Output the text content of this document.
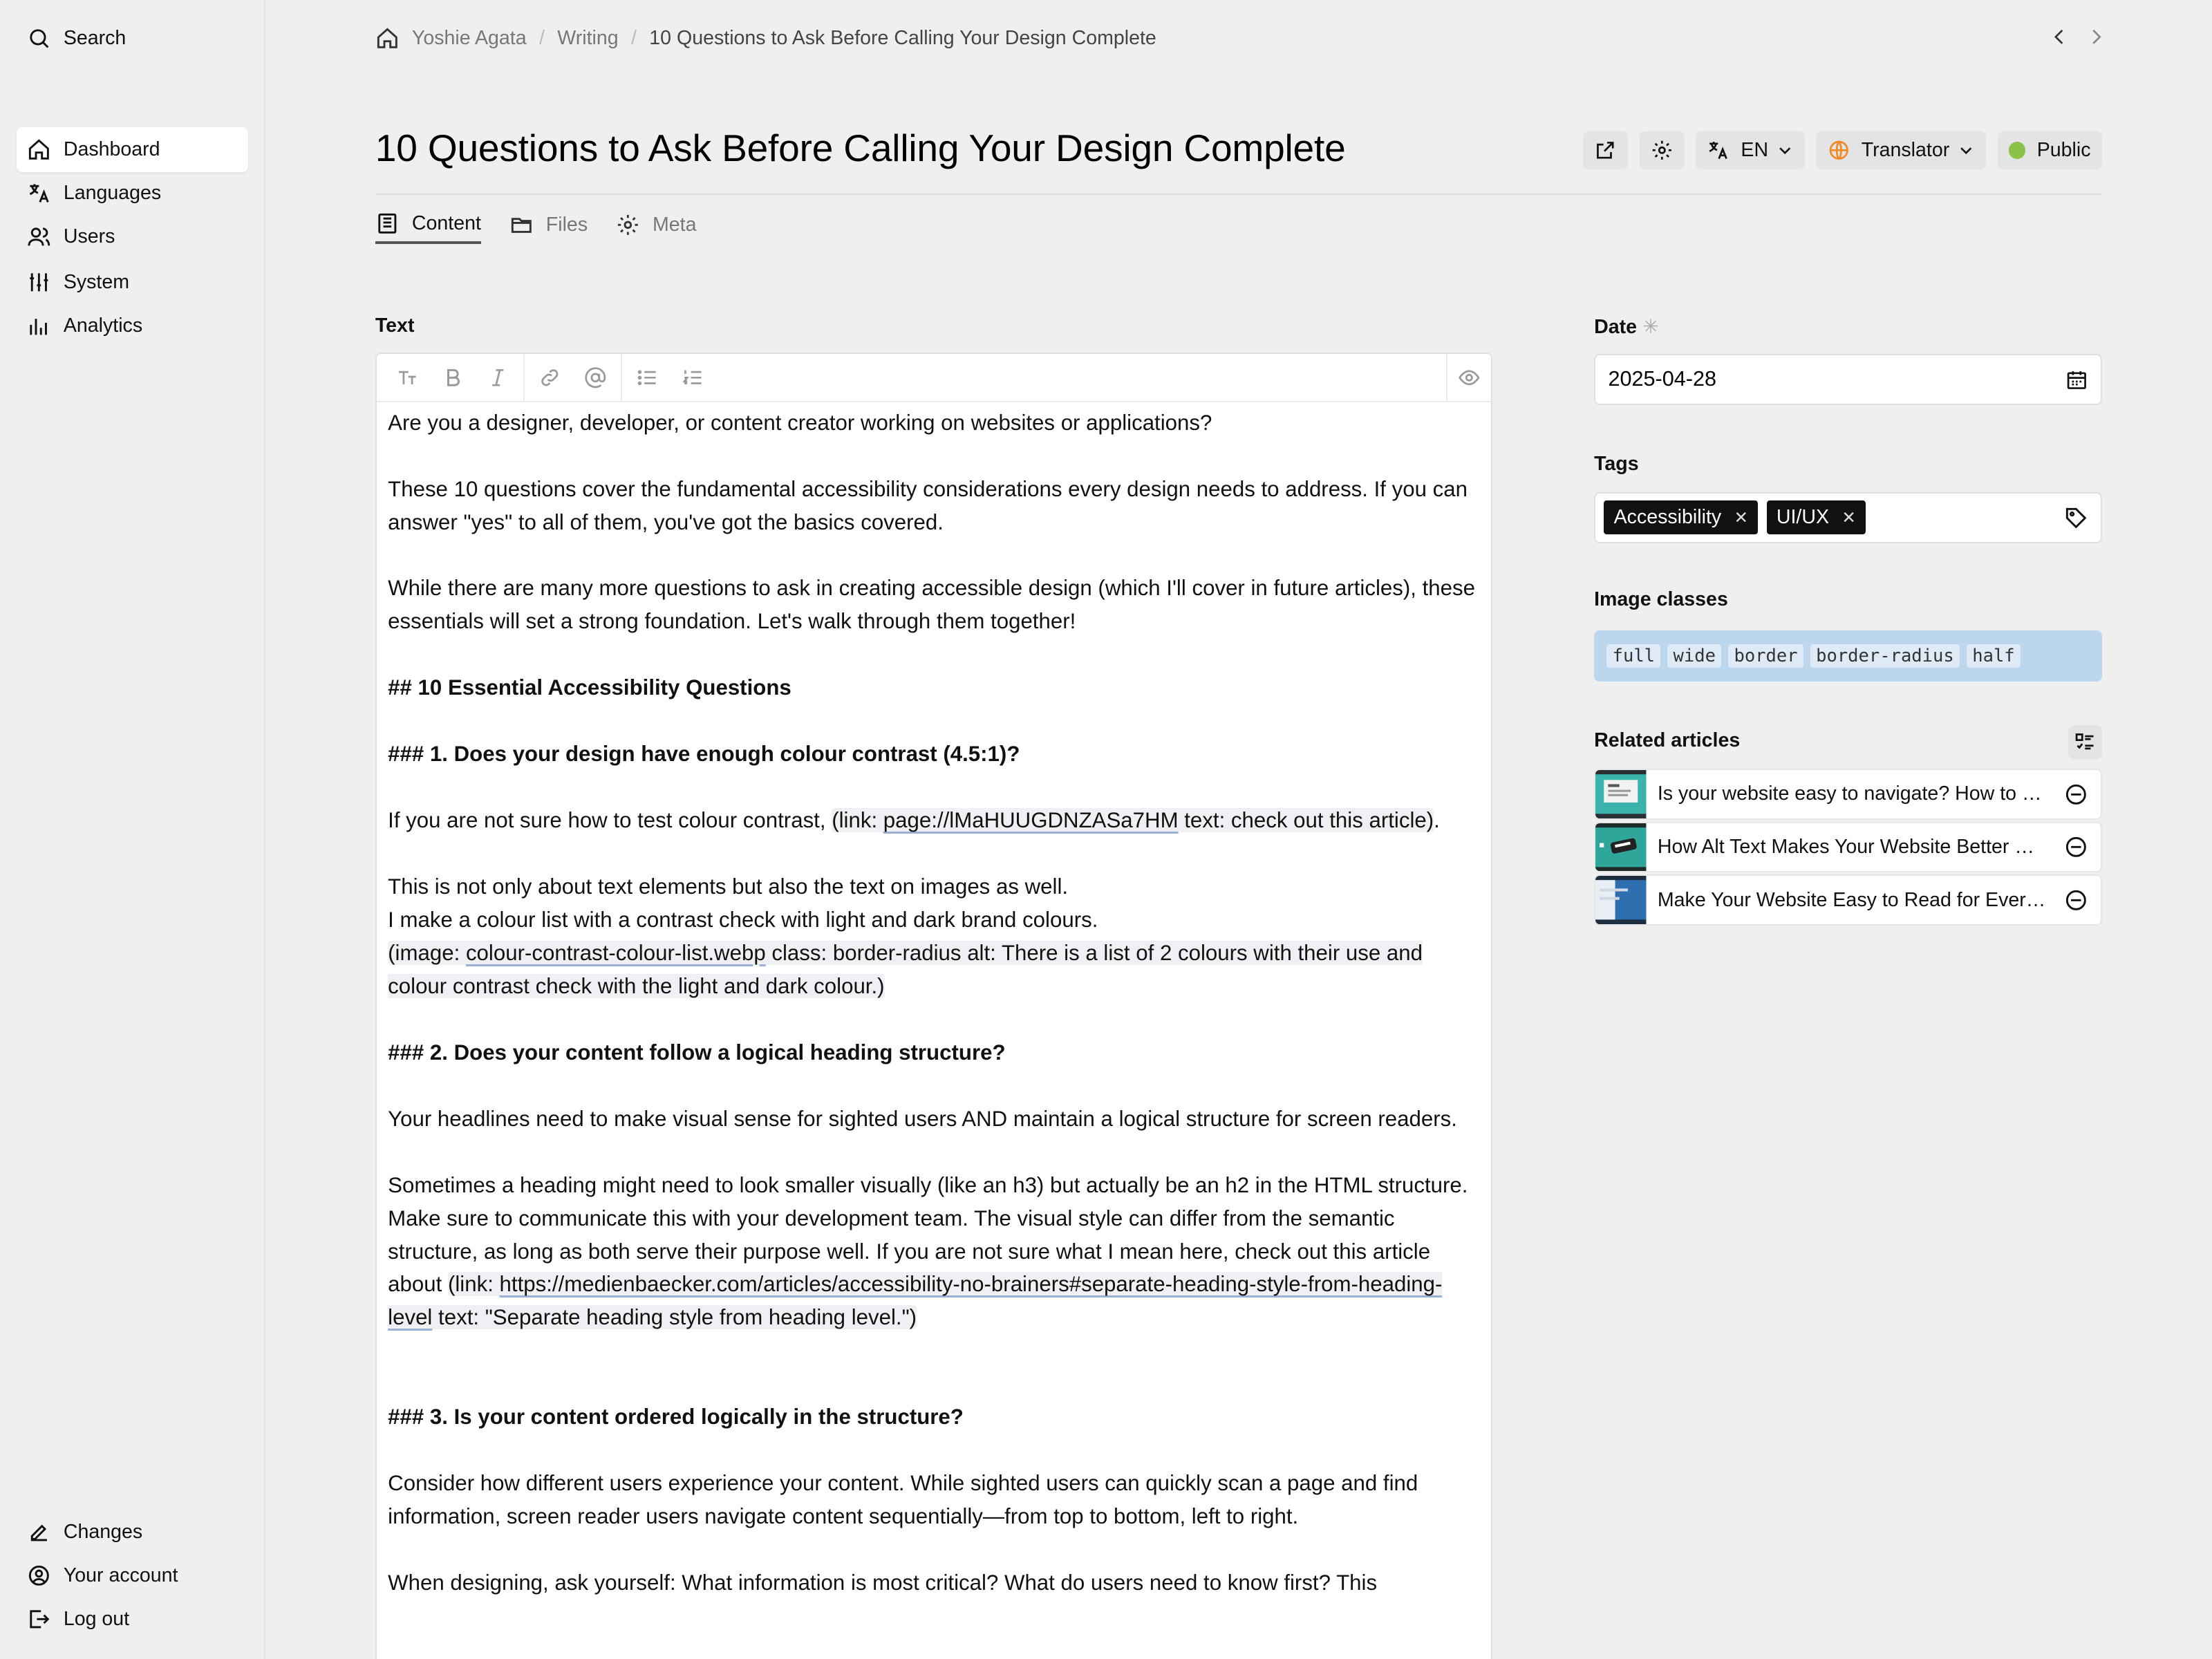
Search
Dashboard
Languages
Users
System
Analytics
Changes
Your account
Log out
Yoshie Agata / Writing / 10 Questions to Ask Before Calling Your Design Complete
10 Questions to Ask Before Calling Your Design Complete	EN	Translator	Public
Content	Files	Meta
Text

Are you a designer, developer, or content creator working on websites or applications?

These 10 questions cover the fundamental accessibility considerations every design needs to address. If you can answer "yes" to all of them, you've got the basics covered.

While there are many more questions to ask in creating accessible design (which I'll cover in future articles), these essentials will set a strong foundation. Let's walk through them together!

## 10 Essential Accessibility Questions

### 1. Does your design have enough colour contrast (4.5:1)?

If you are not sure how to test colour contrast, (link: page://lMaHUUGDNZASa7HM text: check out this article).

This is not only about text elements but also the text on images as well.
I make a colour list with a contrast check with light and dark brand colours.
(image: colour-contrast-colour-list.webp class: border-radius alt: There is a list of 2 colours with their use and colour contrast check with the light and dark colour.)

### 2. Does your content follow a logical heading structure?

Your headlines need to make visual sense for sighted users AND maintain a logical structure for screen readers.

Sometimes a heading might need to look smaller visually (like an h3) but actually be an h2 in the HTML structure. Make sure to communicate this with your development team. The visual style can differ from the semantic structure, as long as both serve their purpose well. If you are not sure what I mean here, check out this article about (link: https://medienbaecker.com/articles/accessibility-no-brainers#separate-heading-style-from-heading-level text: "Separate heading style from heading level.")

### 3. Is your content ordered logically in the structure?

Consider how different users experience your content. While sighted users can quickly scan a page and find information, screen reader users navigate content sequentially—from top to bottom, left to right.

When designing, ask yourself: What information is most critical? What do users need to know first? This

Date ✳
2025-04-28
Tags
Accessibility ✕	UI/UX ✕
Image classes
full	wide	border	border-radius	half
Related articles
Is your website easy to navigate? How to …
How Alt Text Makes Your Website Better …
Make Your Website Easy to Read for Ever…
